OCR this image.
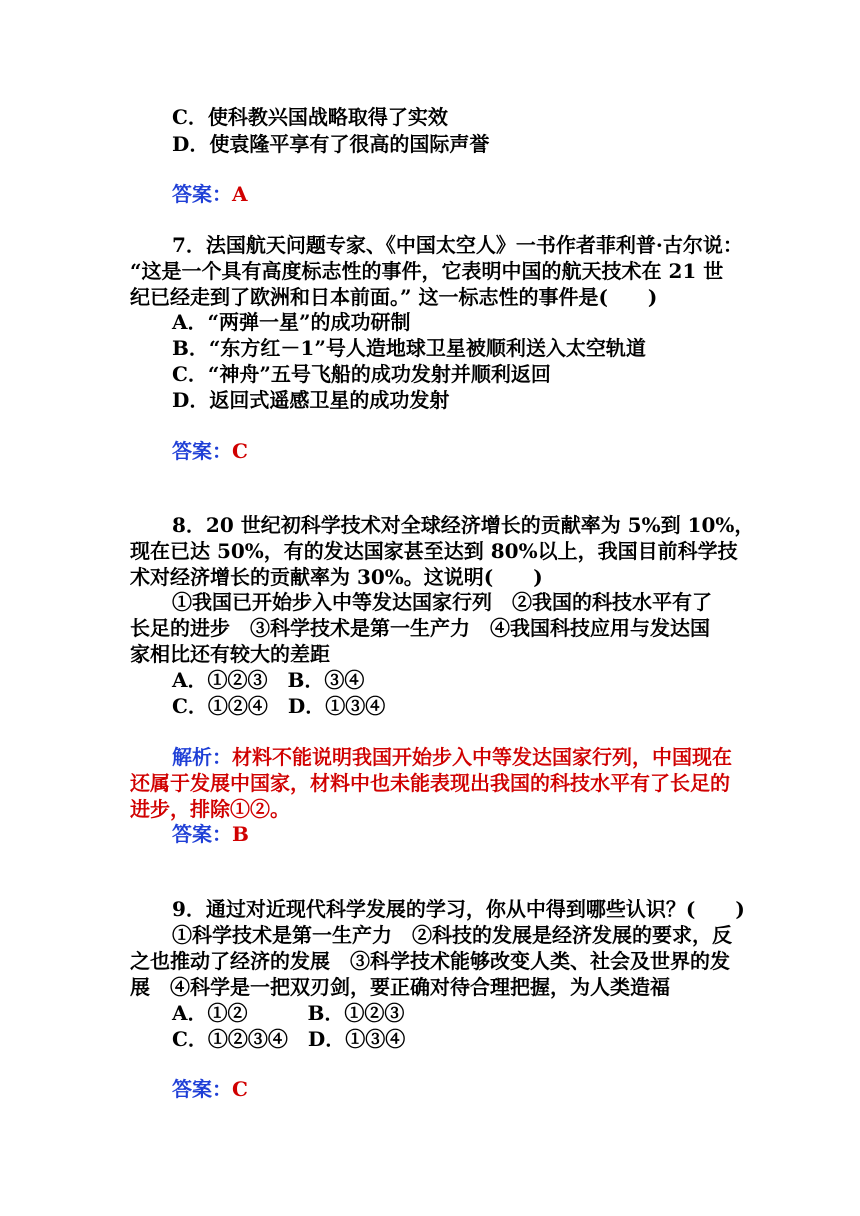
C．使科教兴国战略取得了实效
D．使袁隆平享有了很高的国际声誉
答案：A
7．法国航天问题专家、《中国太空人》一书作者菲利普·古尔说：
“这是一个具有高度标志性的事件，它表明中国的航天技术在 21 世
纪已经走到了欧洲和日本前面。” 这一标志性的事件是(　　)
A．“两弹一星”的成功研制
B．“东方红－1”号人造地球卫星被顺利送入太空轨道
C．“神舟”五号飞船的成功发射并顺利返回
D．返回式遥感卫星的成功发射
答案：C
8．20 世纪初科学技术对全球经济增长的贡献率为 5%到 10%，
现在已达 50%，有的发达国家甚至达到 80%以上，我国目前科学技
术对经济增长的贡献率为 30%。这说明(　　)
①我国已开始步入中等发达国家行列　②我国的科技水平有了
长足的进步　③科学技术是第一生产力　④我国科技应用与发达国
家相比还有较大的差距
A．①②③　B．③④
C．①②④　D．①③④
解析：材料不能说明我国开始步入中等发达国家行列，中国现在
还属于发展中国家，材料中也未能表现出我国的科技水平有了长足的
进步，排除①②。
答案：B
9．通过对近现代科学发展的学习，你从中得到哪些认识？(　　)
①科学技术是第一生产力　②科技的发展是经济发展的要求，反
之也推动了经济的发展　③科学技术能够改变人类、社会及世界的发
展　④科学是一把双刃剑，要正确对待合理把握，为人类造福
A．①②　　　B．①②③
C．①②③④　D．①③④
答案：C
